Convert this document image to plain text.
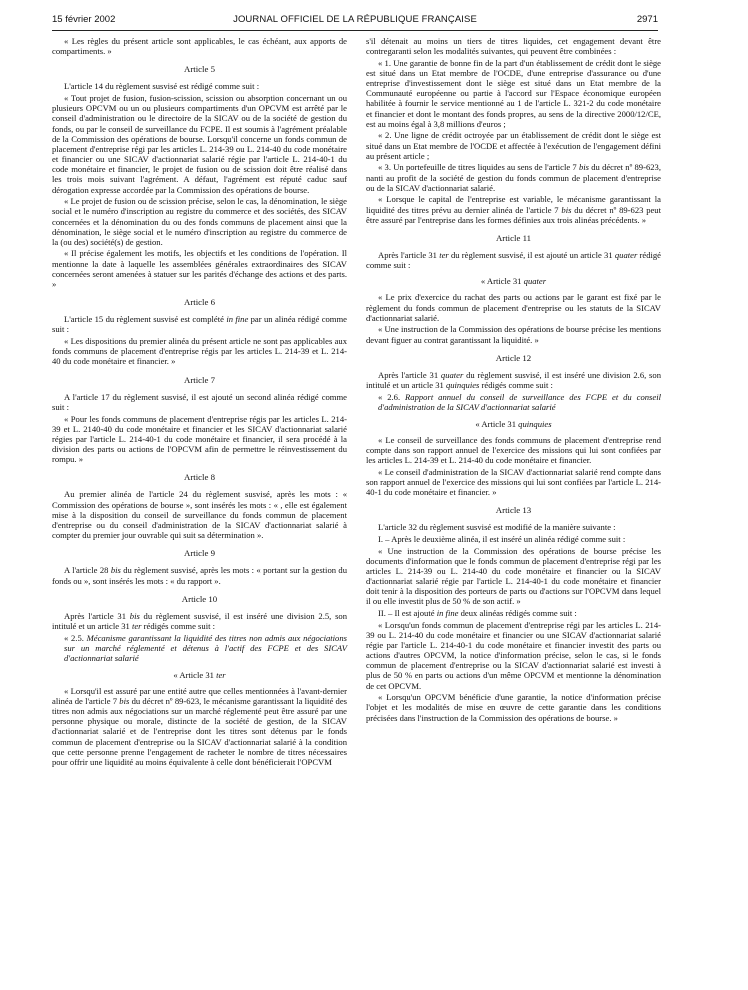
15 février 2002	JOURNAL OFFICIEL DE LA RÉPUBLIQUE FRANÇAISE	2971

« Les règles du présent article sont applicables, le cas échéant, aux apports de compartiments. »

Article 5

L'article 14 du règlement susvisé est rédigé comme suit :

« Tout projet de fusion, fusion-scission, scission ou absorption concernant un ou plusieurs OPCVM ou un ou plusieurs compartiments d'un OPCVM est arrêté par le conseil d'administration ou le directoire de la SICAV ou de la société de gestion du fonds, ou par le conseil de surveillance du FCPE. Il est soumis à l'agrément préalable de la Commission des opérations de bourse. Lorsqu'il concerne un fonds commun de placement d'entreprise régi par les articles L. 214-39 ou L. 214-40 du code monétaire et financier ou une SICAV d'actionnariat salarié régie par l'article L. 214-40-1 du code monétaire et financier, le projet de fusion ou de scission doit être réalisé dans les trois mois suivant l'agrément. A défaut, l'agrément est réputé caduc sauf dérogation expresse accordée par la Commission des opérations de bourse.

« Le projet de fusion ou de scission précise, selon le cas, la dénomination, le siège social et le numéro d'inscription au registre du commerce et des sociétés, des SICAV concernées et la dénomination du ou des fonds communs de placement ainsi que la dénomination, le siège social et le numéro d'inscription au registre du commerce de la (ou des) société(s) de gestion.

« Il précise également les motifs, les objectifs et les conditions de l'opération. Il mentionne la date à laquelle les assemblées générales extraordinaires des SICAV concernées seront amenées à statuer sur les parités d'échange des actions et des parts. »

Article 6

L'article 15 du règlement susvisé est complété in fine par un alinéa rédigé comme suit :

« Les dispositions du premier alinéa du présent article ne sont pas applicables aux fonds communs de placement d'entreprise régis par les articles L. 214-39 et L. 214-40 du code monétaire et financier. »

Article 7

A l'article 17 du règlement susvisé, il est ajouté un second alinéa rédigé comme suit :

« Pour les fonds communs de placement d'entreprise régis par les articles L. 214-39 et L. 2140-40 du code monétaire et financier et les SICAV d'actionnariat salarié régies par l'article L. 214-40-1 du code monétaire et financier, il sera procédé à la division des parts ou actions de l'OPCVM afin de permettre le réinvestissement du rompu. »

Article 8

Au premier alinéa de l'article 24 du règlement susvisé, après les mots : « Commission des opérations de bourse », sont insérés les mots : « , elle est également mise à la disposition du conseil de surveillance du fonds commun de placement d'entreprise ou du conseil d'administration de la SICAV d'actionnariat salarié à compter du premier jour ouvrable qui suit sa détermination ».

Article 9

A l'article 28 bis du règlement susvisé, après les mots : « portant sur la gestion du fonds ou », sont insérés les mots : « du rapport ».

Article 10

Après l'article 31 bis du règlement susvisé, il est inséré une division 2.5, son intitulé et un article 31 ter rédigés comme suit :

« 2.5. Mécanisme garantissant la liquidité des titres non admis aux négociations sur un marché réglementé et détenus à l'actif des FCPE et des SICAV d'actionnariat salarié
« Article 31 ter

« Lorsqu'il est assuré par une entité autre que celles mentionnées à l'avant-dernier alinéa de l'article 7 bis du décret nº 89-623, le mécanisme garantissant la liquidité des titres non admis aux négociations sur un marché réglementé peut être assuré par une personne physique ou morale, distincte de la société de gestion, de la SICAV d'actionnariat salarié et de l'entreprise dont les titres sont détenus par le fonds commun de placement d'entreprise ou la SICAV d'actionnariat salarié à la condition que cette personne prenne l'engagement de racheter le nombre de titres nécessaires pour offrir une liquidité au moins équivalente à celle dont bénéficierait l'OPCVM

s'il détenait au moins un tiers de titres liquides, cet engagement devant être contregaranti selon les modalités suivantes, qui peuvent être combinées :

« 1. Une garantie de bonne fin de la part d'un établissement de crédit dont le siège est situé dans un Etat membre de l'OCDE, d'une entreprise d'assurance ou d'une entreprise d'investissement dont le siège est situé dans un Etat membre de la Communauté européenne ou partie à l'accord sur l'Espace économique européen habilitée à fournir le service mentionné au 1 de l'article L. 321-2 du code monétaire et financier et dont le montant des fonds propres, au sens de la directive 2000/12/CE, est au moins égal à 3,8 millions d'euros ;

« 2. Une ligne de crédit octroyée par un établissement de crédit dont le siège est situé dans un Etat membre de l'OCDE et affectée à l'exécution de l'engagement défini au présent article ;

« 3. Un portefeuille de titres liquides au sens de l'article 7 bis du décret nº 89-623, nanti au profit de la société de gestion du fonds commun de placement d'entreprise ou de la SICAV d'actionnariat salarié.

« Lorsque le capital de l'entreprise est variable, le mécanisme garantissant la liquidité des titres prévu au dernier alinéa de l'article 7 bis du décret nº 89-623 peut être assuré par l'entreprise dans les formes définies aux trois alinéas précédents. »

Article 11

Après l'article 31 ter du règlement susvisé, il est ajouté un article 31 quater rédigé comme suit :

« Article 31 quater

« Le prix d'exercice du rachat des parts ou actions par le garant est fixé par le règlement du fonds commun de placement d'entreprise ou les statuts de la SICAV d'actionnariat salarié.

« Une instruction de la Commission des opérations de bourse précise les mentions devant figuer au contrat garantissant la liquidité. »

Article 12

Après l'article 31 quater du règlement susvisé, il est inséré une division 2.6, son intitulé et un article 31 quinquies rédigés comme suit :

« 2.6. Rapport annuel du conseil de surveillance des FCPE et du conseil d'administration de la SICAV d'actionnariat salarié
« Article 31 quinquies

« Le conseil de surveillance des fonds communs de placement d'entreprise rend compte dans son rapport annuel de l'exercice des missions qui lui sont confiées par les articles L. 214-39 et L. 214-40 du code monétaire et financier.

« Le conseil d'administration de la SICAV d'actionnariat salarié rend compte dans son rapport annuel de l'exercice des missions qui lui sont confiées par l'article L. 214-40-1 du code monétaire et financier. »

Article 13

L'article 32 du règlement susvisé est modifié de la manière suivante :

I. – Après le deuxième alinéa, il est inséré un alinéa rédigé comme suit :

« Une instruction de la Commission des opérations de bourse précise les documents d'information que le fonds commun de placement d'entreprise régi par les articles L. 214-39 ou L. 214-40 du code monétaire et financier ou la SICAV d'actionnariat salarié régie par l'article L. 214-40-1 du code monétaire et financier doit tenir à la disposition des porteurs de parts ou d'actions sur l'OPCVM dans lequel il ou elle investit plus de 50 % de son actif. »

II. – Il est ajouté in fine deux alinéas rédigés comme suit :

« Lorsqu'un fonds commun de placement d'entreprise régi par les articles L. 214-39 ou L. 214-40 du code monétaire et financier ou une SICAV d'actionnariat salarié régie par l'article L. 214-40-1 du code monétaire et financier investit des parts ou actions d'autres OPCVM, la notice d'information précise, selon le cas, si le fonds commun de placement d'entreprise ou la SICAV d'actionnariat salarié est investi à plus de 50 % en parts ou actions d'un même OPCVM et mentionne la dénomination de cet OPCVM.

« Lorsqu'un OPCVM bénéficie d'une garantie, la notice d'information précise l'objet et les modalités de mise en œuvre de cette garantie dans les conditions précisées dans l'instruction de la Commission des opérations de bourse. »
